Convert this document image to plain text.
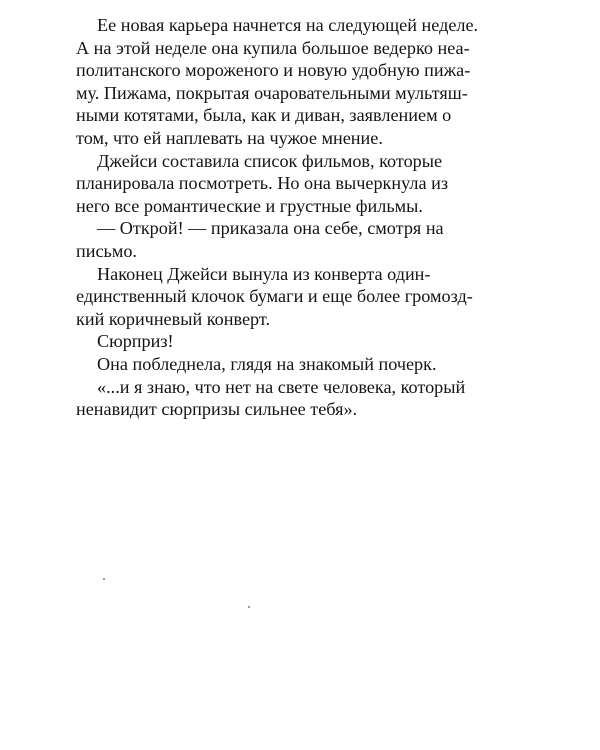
Ее новая карьера начнется на следующей неделе.
А на этой неделе она купила большое ведерко неа-
политанского мороженого и новую удобную пижа-
му. Пижама, покрытая очаровательными мультяш-
ными котятами, была, как и диван, заявлением о
том, что ей наплевать на чужое мнение.

Джейси составила список фильмов, которые
планировала посмотреть. Но она вычеркнула из
него все романтические и грустные фильмы.

— Открой! — приказала она себе, смотря на
письмо.

Наконец Джейси вынула из конверта один-
единственный клочок бумаги и еще более громозд-
кий коричневый конверт.

Сюрприз!

Она побледнела, глядя на знакомый почерк.

«...и я знаю, что нет на свете человека, который
ненавидит сюрпризы сильнее тебя».
